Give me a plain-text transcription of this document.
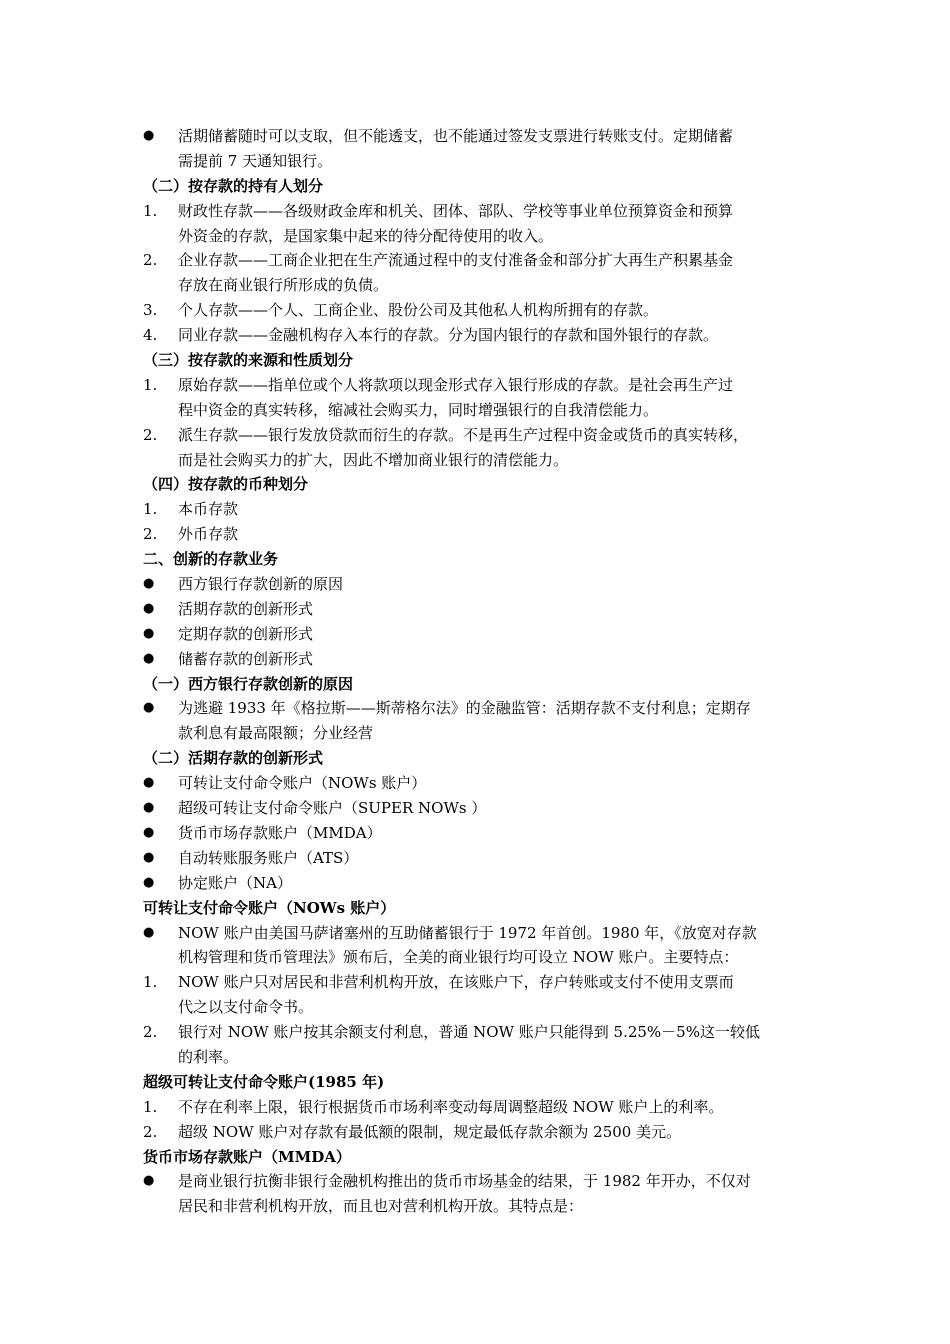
●	活期储蓄随时可以支取，但不能透支，也不能通过签发支票进行转账支付。定期储蓄
需提前 7 天通知银行。
（二）按存款的持有人划分
1.	财政性存款——各级财政金库和机关、团体、部队、学校等事业单位预算资金和预算
外资金的存款，是国家集中起来的待分配待使用的收入。
2.	企业存款——工商企业把在生产流通过程中的支付准备金和部分扩大再生产积累基金
存放在商业银行所形成的负债。
3.	个人存款——个人、工商企业、股份公司及其他私人机构所拥有的存款。
4.	同业存款——金融机构存入本行的存款。分为国内银行的存款和国外银行的存款。
（三）按存款的来源和性质划分
1.	原始存款——指单位或个人将款项以现金形式存入银行形成的存款。是社会再生产过
程中资金的真实转移，缩减社会购买力，同时增强银行的自我清偿能力。
2.	派生存款——银行发放贷款而衍生的存款。不是再生产过程中资金或货币的真实转移，
而是社会购买力的扩大，因此不增加商业银行的清偿能力。
（四）按存款的币种划分
1.	本币存款
2.	外币存款
二、创新的存款业务
●	西方银行存款创新的原因
●	活期存款的创新形式
●	定期存款的创新形式
●	储蓄存款的创新形式
（一）西方银行存款创新的原因
●	为逃避 1933 年《格拉斯——斯蒂格尔法》的金融监管：活期存款不支付利息；定期存
款利息有最高限额；分业经营
（二）活期存款的创新形式
●	可转让支付命令账户（NOWs 账户）
●	超级可转让支付命令账户（SUPER NOWs ）
●	货币市场存款账户（MMDA）
●	自动转账服务账户（ATS）
●	协定账户（NA）
可转让支付命令账户（NOWs 账户）
●	NOW 账户由美国马萨诸塞州的互助储蓄银行于 1972 年首创。1980 年，《放宽对存款
机构管理和货币管理法》颁布后，全美的商业银行均可设立 NOW 账户。主要特点：
1.	NOW 账户只对居民和非营利机构开放，在该账户下，存户转账或支付不使用支票而
代之以支付命令书。
2.	银行对 NOW 账户按其余额支付利息，普通 NOW 账户只能得到 5.25%－5%这一较低
的利率。
超级可转让支付命令账户(1985 年)
1.	不存在利率上限，银行根据货币市场利率变动每周调整超级 NOW 账户上的利率。
2.	超级 NOW 账户对存款有最低额的限制，规定最低存款余额为 2500 美元。
货币市场存款账户（MMDA）
●	是商业银行抗衡非银行金融机构推出的货币市场基金的结果，于 1982 年开办，不仅对
居民和非营利机构开放，而且也对营利机构开放。其特点是：
